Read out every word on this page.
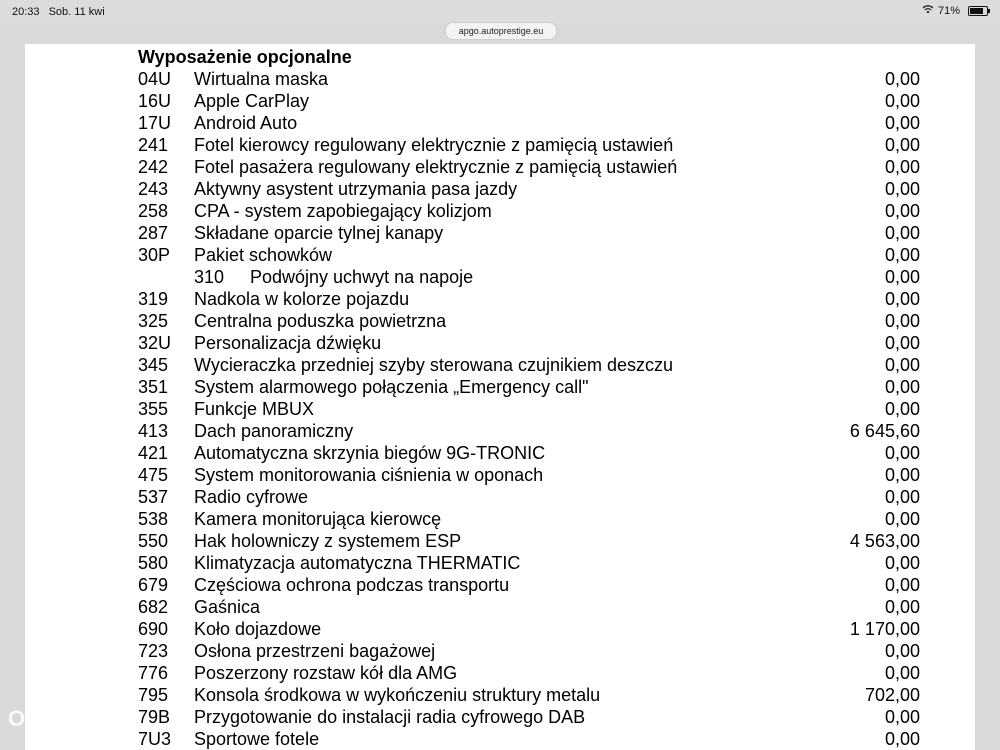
20:33 Sob. 11 kwi	71%
apgo.autoprestige.eu
Wyposażenie opcjonalne
04U	Wirtualna maska	0,00
16U	Apple CarPlay	0,00
17U	Android Auto	0,00
241	Fotel kierowcy regulowany elektrycznie z pamięcią ustawień	0,00
242	Fotel pasażera regulowany elektrycznie z pamięcią ustawień	0,00
243	Aktywny asystent utrzymania pasa jazdy	0,00
258	CPA - system zapobiegający kolizjom	0,00
287	Składane oparcie tylnej kanapy	0,00
30P	Pakiet schowków	0,00
310	Podwójny uchwyt na napoje	0,00
319	Nadkola w kolorze pojazdu	0,00
325	Centralna poduszka powietrzna	0,00
32U	Personalizacja dźwięku	0,00
345	Wycieraczka przedniej szyby sterowana czujnikiem deszczu	0,00
351	System alarmowego połączenia „Emergency call"	0,00
355	Funkcje MBUX	0,00
413	Dach panoramiczny	6 645,60
421	Automatyczna skrzynia biegów 9G-TRONIC	0,00
475	System monitorowania ciśnienia w oponach	0,00
537	Radio cyfrowe	0,00
538	Kamera monitorująca kierowcę	0,00
550	Hak holowniczy z systemem ESP	4 563,00
580	Klimatyzacja automatyczna THERMATIC	0,00
679	Częściowa ochrona podczas transportu	0,00
682	Gaśnica	0,00
690	Koło dojazdowe	1 170,00
723	Osłona przestrzeni bagażowej	0,00
776	Poszerzony rozstaw kół dla AMG	0,00
795	Konsola środkowa w wykończeniu struktury metalu	702,00
79B	Przygotowanie do instalacji radia cyfrowego DAB	0,00
7U3	Sportowe fotele	0,00
OTOMOTO
